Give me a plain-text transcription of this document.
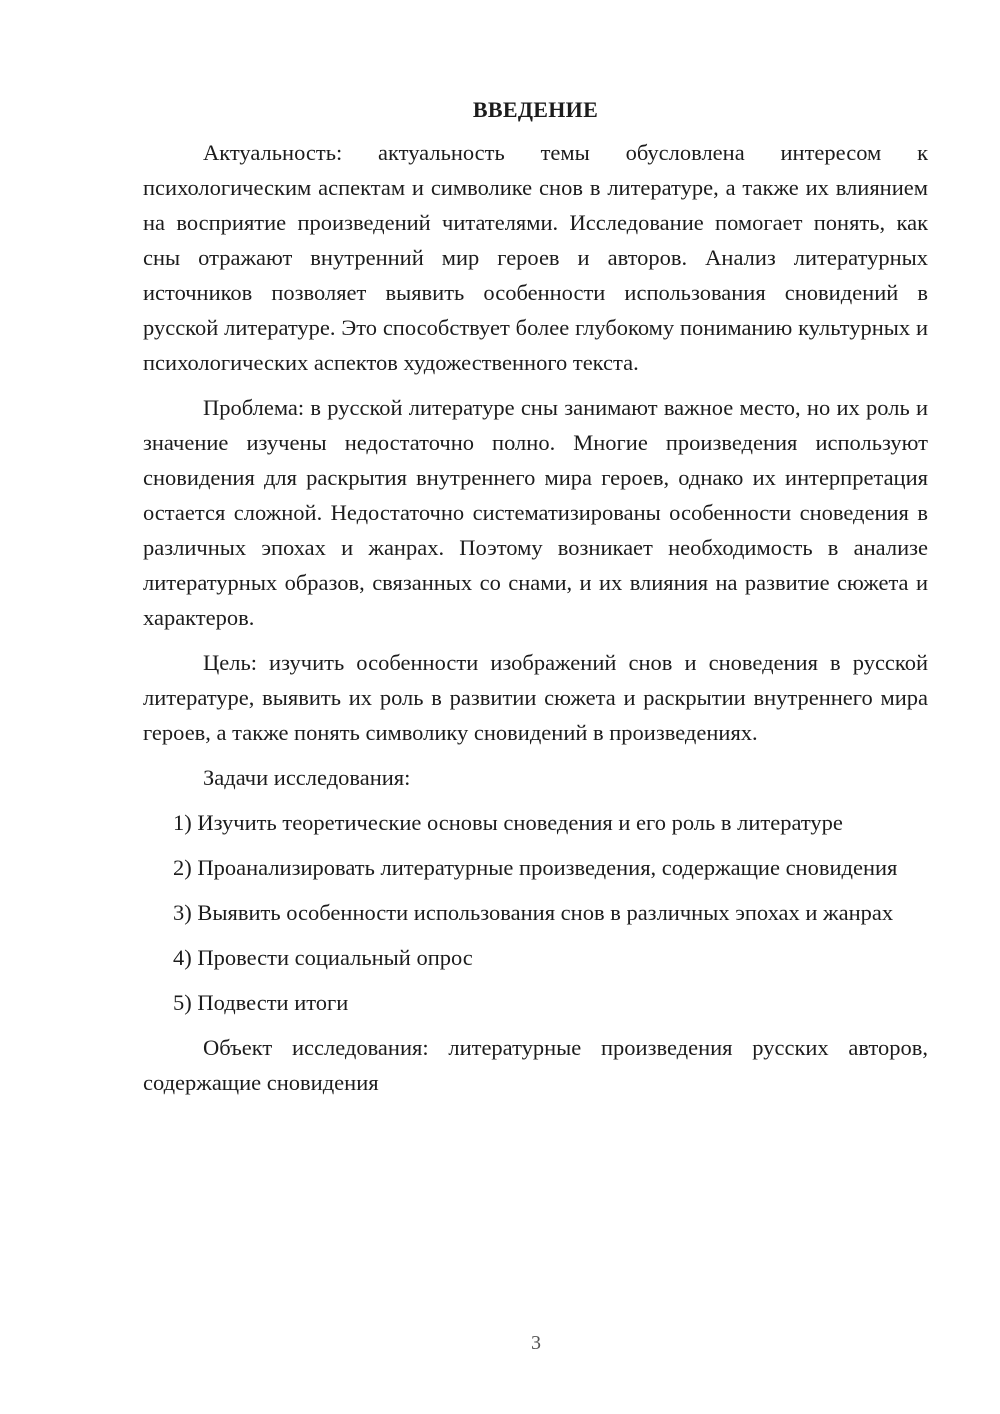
ВВЕДЕНИЕ

Актуальность: актуальность темы обусловлена интересом к психологическим аспектам и символике снов в литературе, а также их влиянием на восприятие произведений читателями. Исследование помогает понять, как сны отражают внутренний мир героев и авторов. Анализ литературных источников позволяет выявить особенности использования сновидений в русской литературе. Это способствует более глубокому пониманию культурных и психологических аспектов художественного текста.

Проблема: в русской литературе сны занимают важное место, но их роль и значение изучены недостаточно полно. Многие произведения используют сновидения для раскрытия внутреннего мира героев, однако их интерпретация остается сложной. Недостаточно систематизированы особенности сноведения в различных эпохах и жанрах. Поэтому возникает необходимость в анализе литературных образов, связанных со снами, и их влияния на развитие сюжета и характеров.

Цель: изучить особенности изображений снов и сноведения в русской литературе, выявить их роль в развитии сюжета и раскрытии внутреннего мира героев, а также понять символику сновидений в произведениях.

Задачи исследования:

1) Изучить теоретические основы сноведения и его роль в литературе

2) Проанализировать литературные произведения, содержащие сновидения

3) Выявить особенности использования снов в различных эпохах и жанрах

4) Провести социальный опрос

5) Подвести итоги

Объект исследования: литературные произведения русских авторов, содержащие сновидения

3
